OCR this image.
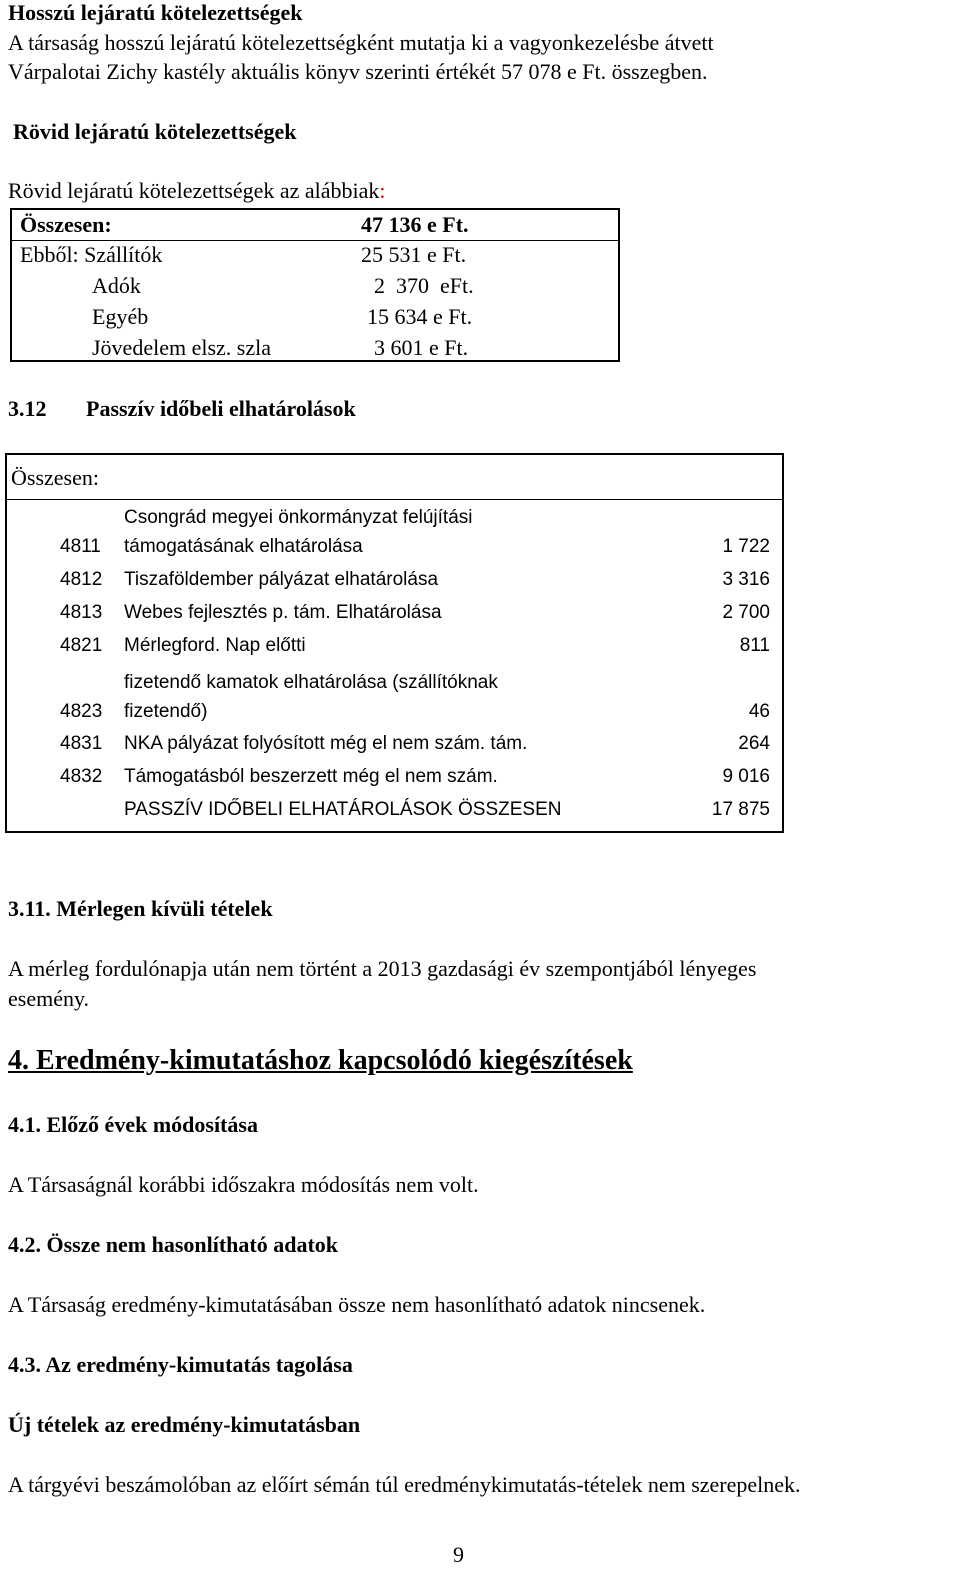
Hosszú lejáratú kötelezettségek
A társaság hosszú lejáratú kötelezettségként mutatja ki a vagyonkezelésbe átvett
Várpalotai Zichy kastély aktuális könyv szerinti értékét 57 078 e Ft. összegben.
Rövid lejáratú kötelezettségek
Rövid lejáratú kötelezettségek az alábbiak:
Összesen:	47 136 e Ft.
Ebből: Szállítók	25 531 e Ft.
Adók	2  370  eFt.
Egyéb	15 634 e Ft.
Jövedelem elsz. szla	3 601 e Ft.
3.12 Passzív időbeli elhatárolások
Összesen:
Csongrád megyei önkormányzat felújítási
4811 támogatásának elhatárolása	1 722
4812 Tiszaföldember pályázat elhatárolása	3 316
4813 Webes fejlesztés p. tám. Elhatárolása	2 700
4821 Mérlegford. Nap előtti	811
fizetendő kamatok elhatárolása (szállítóknak
4823 fizetendő)	46
4831 NKA pályázat folyósított még el nem szám. tám.	264
4832 Támogatásból beszerzett még el nem szám.	9 016
PASSZÍV IDŐBELI ELHATÁROLÁSOK ÖSSZESEN	17 875
3.11. Mérlegen kívüli tételek
A mérleg fordulónapja után nem történt a 2013 gazdasági év szempontjából lényeges
esemény.
4. Eredmény-kimutatáshoz kapcsolódó kiegészítések
4.1. Előző évek módosítása
A Társaságnál korábbi időszakra módosítás nem volt.
4.2. Össze nem hasonlítható adatok
A Társaság eredmény-kimutatásában össze nem hasonlítható adatok nincsenek.
4.3. Az eredmény-kimutatás tagolása
Új tételek az eredmény-kimutatásban
A tárgyévi beszámolóban az előírt sémán túl eredménykimutatás-tételek nem szerepelnek.
9
